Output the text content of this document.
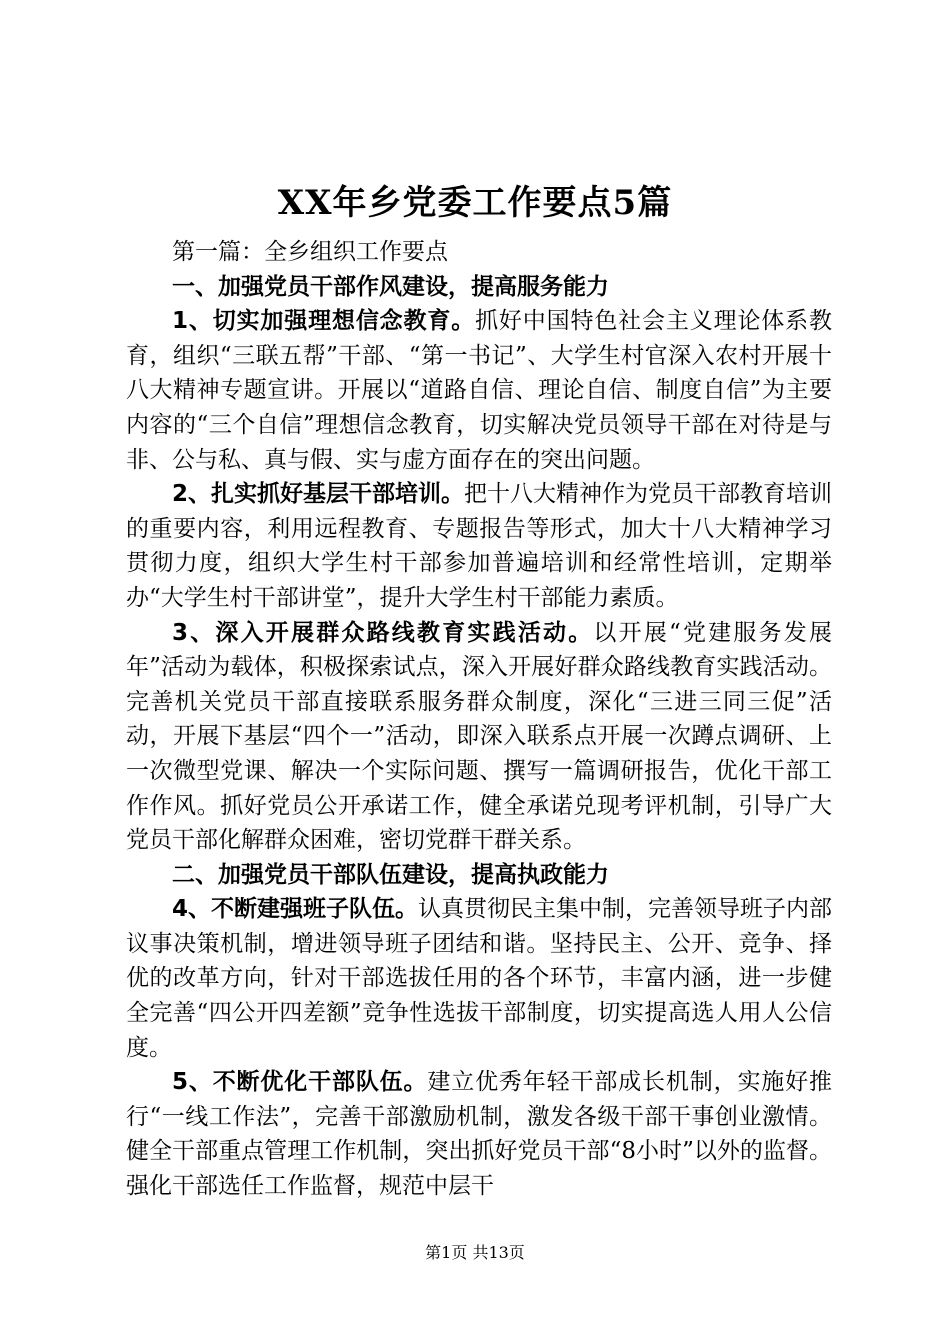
XX年乡党委工作要点5篇

第一篇：全乡组织工作要点

一、加强党员干部作风建设，提高服务能力

1、切实加强理想信念教育。抓好中国特色社会主义理论体系教育，组织“三联五帮”干部、“第一书记”、大学生村官深入农村开展十八大精神专题宣讲。开展以“道路自信、理论自信、制度自信”为主要内容的“三个自信”理想信念教育，切实解决党员领导干部在对待是与非、公与私、真与假、实与虚方面存在的突出问题。

2、扎实抓好基层干部培训。把十八大精神作为党员干部教育培训的重要内容，利用远程教育、专题报告等形式，加大十八大精神学习贯彻力度，组织大学生村干部参加普遍培训和经常性培训，定期举办“大学生村干部讲堂”，提升大学生村干部能力素质。

3、深入开展群众路线教育实践活动。以开展“党建服务发展年”活动为载体，积极探索试点，深入开展好群众路线教育实践活动。完善机关党员干部直接联系服务群众制度，深化“三进三同三促”活动，开展下基层“四个一”活动，即深入联系点开展一次蹲点调研、上一次微型党课、解决一个实际问题、撰写一篇调研报告，优化干部工作作风。抓好党员公开承诺工作，健全承诺兑现考评机制，引导广大党员干部化解群众困难，密切党群干群关系。

二、加强党员干部队伍建设，提高执政能力

4、不断建强班子队伍。认真贯彻民主集中制，完善领导班子内部议事决策机制，增进领导班子团结和谐。坚持民主、公开、竞争、择优的改革方向，针对干部选拔任用的各个环节，丰富内涵，进一步健全完善“四公开四差额”竞争性选拔干部制度，切实提高选人用人公信度。

5、不断优化干部队伍。建立优秀年轻干部成长机制，实施好推行“一线工作法”，完善干部激励机制，激发各级干部干事创业激情。健全干部重点管理工作机制，突出抓好党员干部“8小时”以外的监督。强化干部选任工作监督，规范中层干

第1页 共13页
